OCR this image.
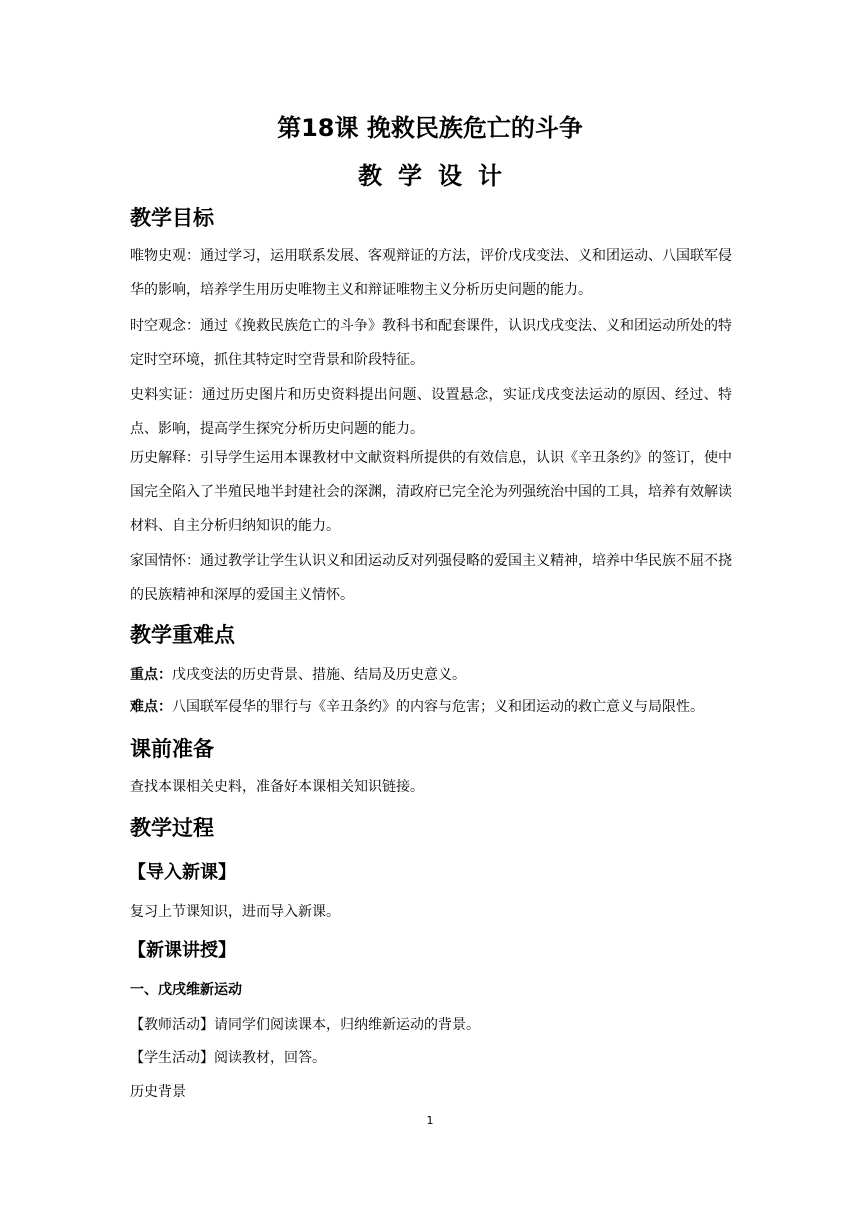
第18课 挽救民族危亡的斗争
教学设计
教学目标
唯物史观：通过学习，运用联系发展、客观辩证的方法，评价戊戌变法、义和团运动、八国联军侵华的影响，培养学生用历史唯物主义和辩证唯物主义分析历史问题的能力。
时空观念：通过《挽救民族危亡的斗争》教科书和配套课件，认识戊戌变法、义和团运动所处的特定时空环境，抓住其特定时空背景和阶段特征。
史料实证：通过历史图片和历史资料提出问题、设置悬念，实证戊戌变法运动的原因、经过、特点、影响，提高学生探究分析历史问题的能力。
历史解释：引导学生运用本课教材中文献资料所提供的有效信息，认识《辛丑条约》的签订，使中国完全陷入了半殖民地半封建社会的深渊，清政府已完全沦为列强统治中国的工具，培养有效解读材料、自主分析归纳知识的能力。
家国情怀：通过教学让学生认识义和团运动反对列强侵略的爱国主义精神，培养中华民族不屈不挠的民族精神和深厚的爱国主义情怀。
教学重难点
重点：戊戌变法的历史背景、措施、结局及历史意义。
难点：八国联军侵华的罪行与《辛丑条约》的内容与危害；义和团运动的救亡意义与局限性。
课前准备
查找本课相关史料，准备好本课相关知识链接。
教学过程
【导入新课】
复习上节课知识，进而导入新课。
【新课讲授】
一、戊戌维新运动
【教师活动】请同学们阅读课本，归纳维新运动的背景。
【学生活动】阅读教材，回答。
历史背景
1
